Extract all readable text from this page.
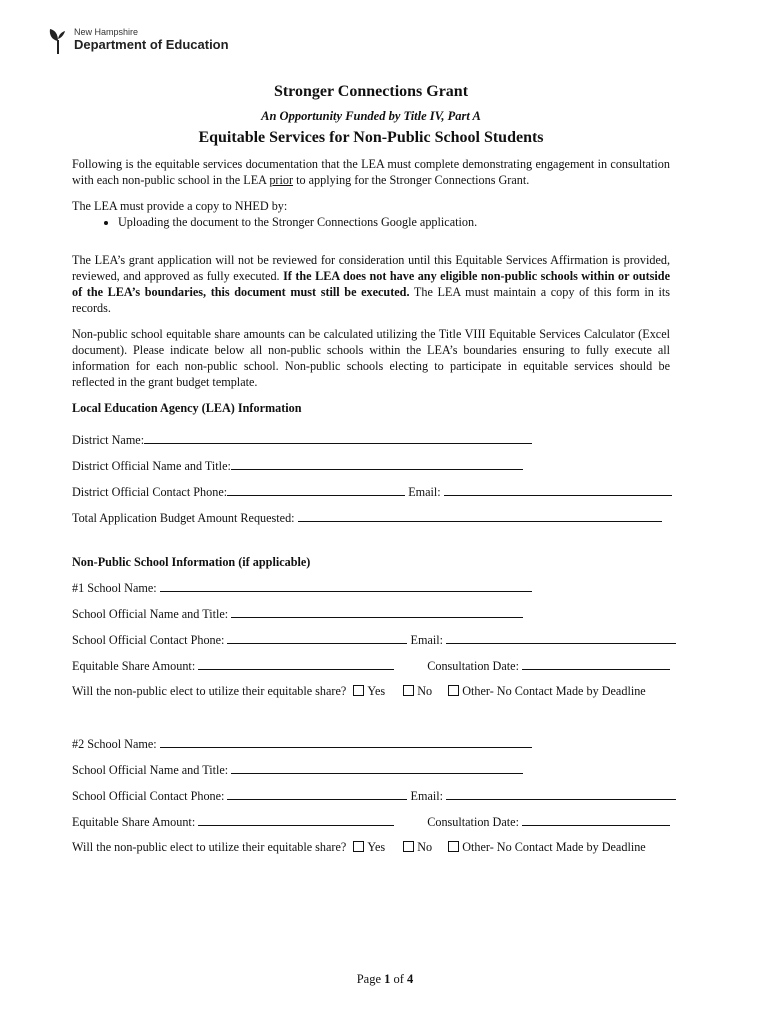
New Hampshire
Department of Education
Stronger Connections Grant
An Opportunity Funded by Title IV, Part A
Equitable Services for Non-Public School Students

Following is the equitable services documentation that the LEA must complete demonstrating engagement in consultation with each non-public school in the LEA prior to applying for the Stronger Connections Grant.

The LEA must provide a copy to NHED by:

• Uploading the document to the Stronger Connections Google application.

The LEA’s grant application will not be reviewed for consideration until this Equitable Services Affirmation is provided, reviewed, and approved as fully executed. If the LEA does not have any eligible non-public schools within or outside of the LEA’s boundaries, this document must still be executed. The LEA must maintain a copy of this form in its records.

Non-public school equitable share amounts can be calculated utilizing the Title VIII Equitable Services Calculator (Excel document). Please indicate below all non-public schools within the LEA’s boundaries ensuring to fully execute all information for each non-public school. Non-public schools electing to participate in equitable services should be reflected in the grant budget template.

Local Education Agency (LEA) Information
District Name:
District Official Name and Title:
District Official Contact Phone:	Email:
Total Application Budget Amount Requested:
Non-Public School Information (if applicable)
#1 School Name:
School Official Name and Title:
School Official Contact Phone:	Email:
Equitable Share Amount:	Consultation Date:
Will the non-public elect to utilize their equitable share? Yes	No Other- No Contact Made by Deadline
#2 School Name:
School Official Name and Title:
School Official Contact Phone:	Email:
Equitable Share Amount:	Consultation Date:
Will the non-public elect to utilize their equitable share? Yes	No Other- No Contact Made by Deadline
Page 1 of 4
